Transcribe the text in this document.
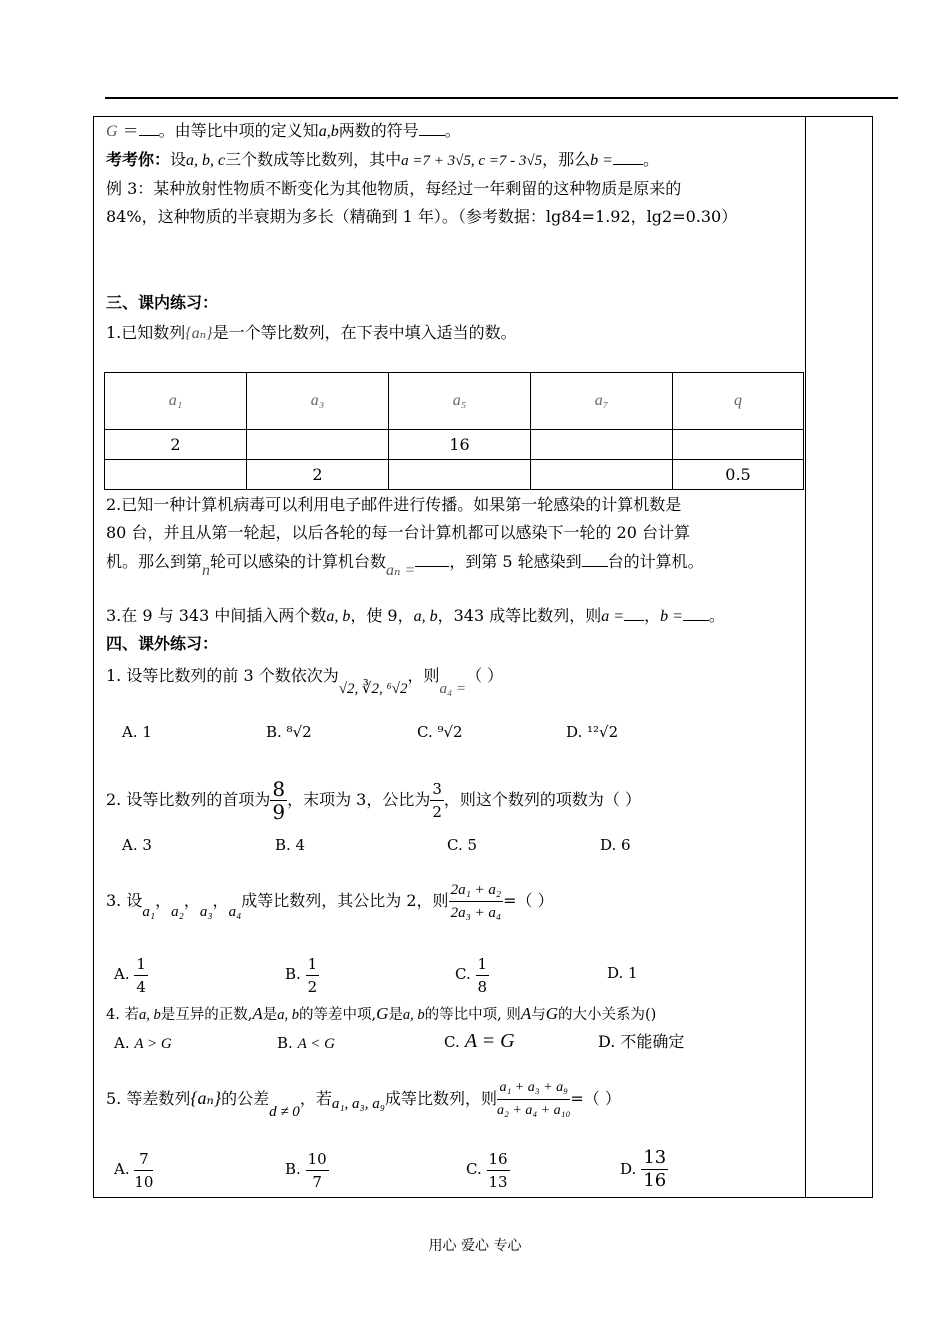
G ＝ 。由等比中项的定义知a,b两数的符号 。
考考你：设a, b, c三个数成等比数列，其中a =7 + 3√5, c =7 - 3√5，那么b = 。
例 3：某种放射性物质不断变化为其他物质，每经过一年剩留的这种物质是原来的
84%，这种物质的半衰期为多长（精确到 1 年）。（参考数据：lg84=1.92，lg2=0.30）
三、课内练习：
1.已知数列{aₙ}是一个等比数列，在下表中填入适当的数。
a₁	a₃	a₅	a₇	q
2		16		
	2			0.5
2.已知一种计算机病毒可以利用电子邮件进行传播。如果第一轮感染的计算机数是
80 台，并且从第一轮起，以后各轮的每一台计算机都可以感染下一轮的 20 台计算
机。那么到第n轮可以感染的计算机台数aₙ = ，到第 5 轮感染到 台的计算机。
3.在 9 与 343 中间插入两个数a, b，使 9，a, b，343 成等比数列，则a = ，b = 。
四、课外练习：
1. 设等比数列的前 3 个数依次为√2, ∛2, ⁶√2，则a₄ =（ ）
A. 1	B. ⁸√2	C. ⁹√2	D. ¹²√2
2. 设等比数列的首项为 $\frac{8}{9}$ ，末项为 3，公比为 $\frac{3}{2}$ ，则这个数列的项数为（ ）
A. 3	B. 4	C. 5	D. 6
3. 设a₁，a₂，a₃，a₄成等比数列，其公比为 2，则 $\frac{\text{2a₁ + a₂}}{\text{2a₃ + a₄}}$ =（ ）
A. $\frac{1}{4}$	B. $\frac{1}{2}$	C. $\frac{1}{8}$	D. 1
4. 若a, b是互异的正数,A是a, b的等差中项,G是a, b的等比中项, 则A与G的大小关系为()
A. A > G	B. A < G	C. A = G	D. 不能确定
5. 等差数列{aₙ}的公差d ≠ 0，若a₁, a₃, a₉成等比数列，则 $\frac{\text{a₁ + a₃ + a₉}}{\text{a₂ + a₄ + a₁₀}}$ =（ ）
A. $\frac{7}{10}$	B. $\frac{10}{7}$	C. $\frac{16}{13}$	D. $\frac{13}{16}$
用心 爱心 专心
